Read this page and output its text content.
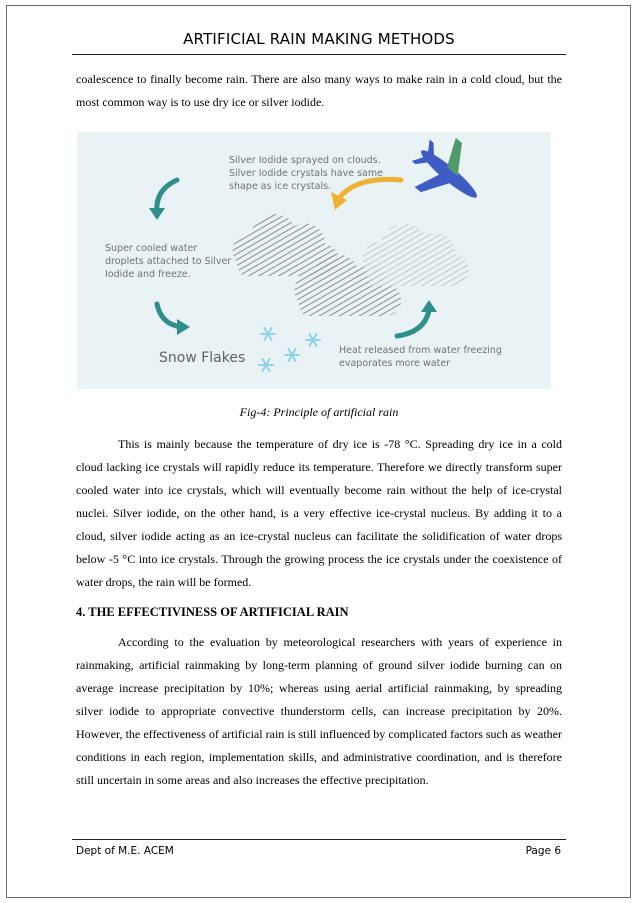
ARTIFICIAL RAIN MAKING METHODS
coalescence to finally become rain. There are also many ways to make rain in a cold cloud, but the most common way is to use dry ice or silver iodide.
Silver Iodide sprayed on clouds.
Silver Iodide crystals have same
shape as ice crystals.
Super cooled water
droplets attached to Silver
Iodide and freeze.
Snow Flakes	Heat released from water freezing
evaporates more water
Fig-4: Principle of artificial rain
This is mainly because the temperature of dry ice is -78 °C. Spreading dry ice in a cold cloud lacking ice crystals will rapidly reduce its temperature. Therefore we directly transform super cooled water into ice crystals, which will eventually become rain without the help of ice-crystal nuclei. Silver iodide, on the other hand, is a very effective ice-crystal nucleus. By adding it to a cloud, silver iodide acting as an ice-crystal nucleus can facilitate the solidification of water drops below -5 °C into ice crystals. Through the growing process the ice crystals under the coexistence of water drops, the rain will be formed.
4. THE EFFECTIVINESS OF ARTIFICIAL RAIN
According to the evaluation by meteorological researchers with years of experience in rainmaking, artificial rainmaking by long-term planning of ground silver iodide burning can on average increase precipitation by 10%; whereas using aerial artificial rainmaking, by spreading silver iodide to appropriate convective thunderstorm cells, can increase precipitation by 20%. However, the effectiveness of artificial rain is still influenced by complicated factors such as weather conditions in each region, implementation skills, and administrative coordination, and is therefore still uncertain in some areas and also increases the effective precipitation.
Dept of M.E. ACEM	Page 6
